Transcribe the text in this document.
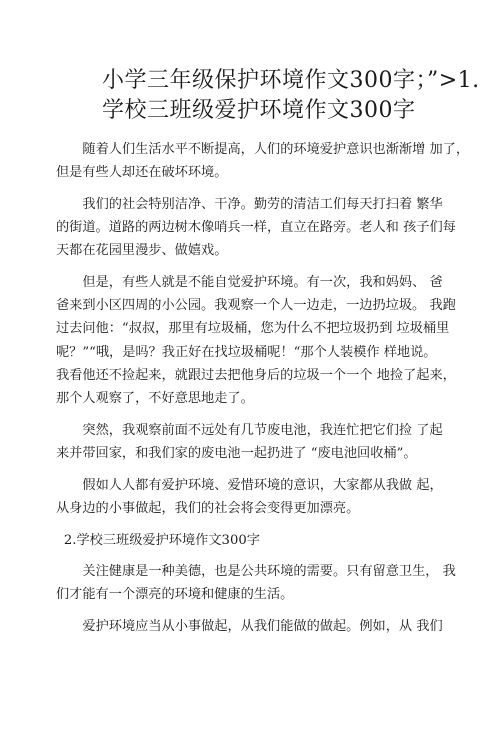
小学三年级保护环境作文300字；”>1.
学校三班级爱护环境作文300字

随着人们生活水平不断提高，人们的环境爱护意识也渐渐增 加了，
但是有些人却还在破坏环境。

我们的社会特别洁净、干净。勤劳的清洁工们每天打扫着 繁华
的街道。道路的两边树木像哨兵一样，直立在路旁。老人和 孩子们每
天都在花园里漫步、做嬉戏。

但是，有些人就是不能自觉爱护环境。有一次，我和妈妈、 爸
爸来到小区四周的小公园。我观察一个人一边走，一边扔垃圾。 我跑
过去问他：“叔叔，那里有垃圾桶，您为什么不把垃圾扔到 垃圾桶里
呢？”“哦，是吗？我正好在找垃圾桶呢！“那个人装模作 样地说。
我看他还不捡起来，就跟过去把他身后的垃圾一个一个 地捡了起来，
那个人观察了，不好意思地走了。

突然，我观察前面不远处有几节废电池，我连忙把它们捡 了起
来并带回家，和我们家的废电池一起扔进了 “废电池回收桶”。

假如人人都有爱护环境、爱惜环境的意识，大家都从我做 起，
从身边的小事做起，我们的社会将会变得更加漂亮。

2.学校三班级爱护环境作文300字

关注健康是一种美德，也是公共环境的需要。只有留意卫生， 我
们才能有一个漂亮的环境和健康的生活。

爱护环境应当从小事做起，从我们能做的做起。例如，从 我们
